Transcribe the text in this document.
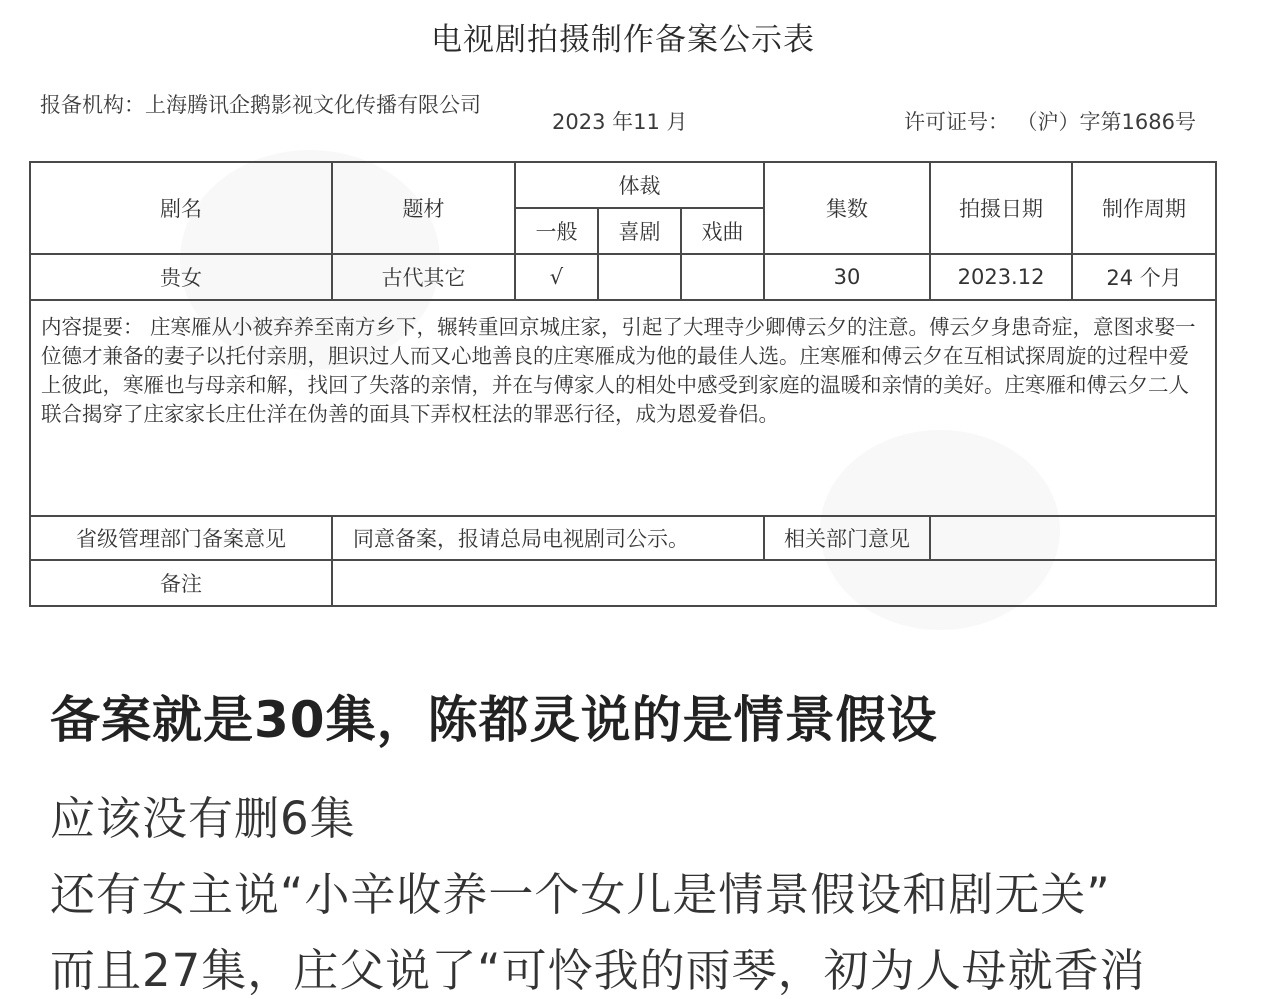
电视剧拍摄制作备案公示表
报备机构：上海腾讯企鹅影视文化传播有限公司
2023 年11 月	许可证号： （沪）字第1686号
剧名	题材	体裁			集数	拍摄日期	制作周期
		一般	喜剧	戏曲			
贵女	古代其它	√			30	2023.12	24 个月
内容提要： 庄寒雁从小被弃养至南方乡下，辗转重回京城庄家，引起了大理寺少卿傅云夕的注意。傅云夕身患奇症，意图求娶一位德才兼备的妻子以托付亲朋，胆识过人而又心地善良的庄寒雁成为他的最佳人选。庄寒雁和傅云夕在互相试探周旋的过程中爱上彼此，寒雁也与母亲和解，找回了失落的亲情，并在与傅家人的相处中感受到家庭的温暖和亲情的美好。庄寒雁和傅云夕二人联合揭穿了庄家家长庄仕洋在伪善的面具下弄权枉法的罪恶行径，成为恩爱眷侣。							
省级管理部门备案意见	同意备案，报请总局电视剧司公示。				相关部门意见		
备注							
备案就是30集，陈都灵说的是情景假设
应该没有删6集
还有女主说“小辛收养一个女儿是情景假设和剧无关”
而且27集，庄父说了“可怜我的雨琴，初为人母就香消
